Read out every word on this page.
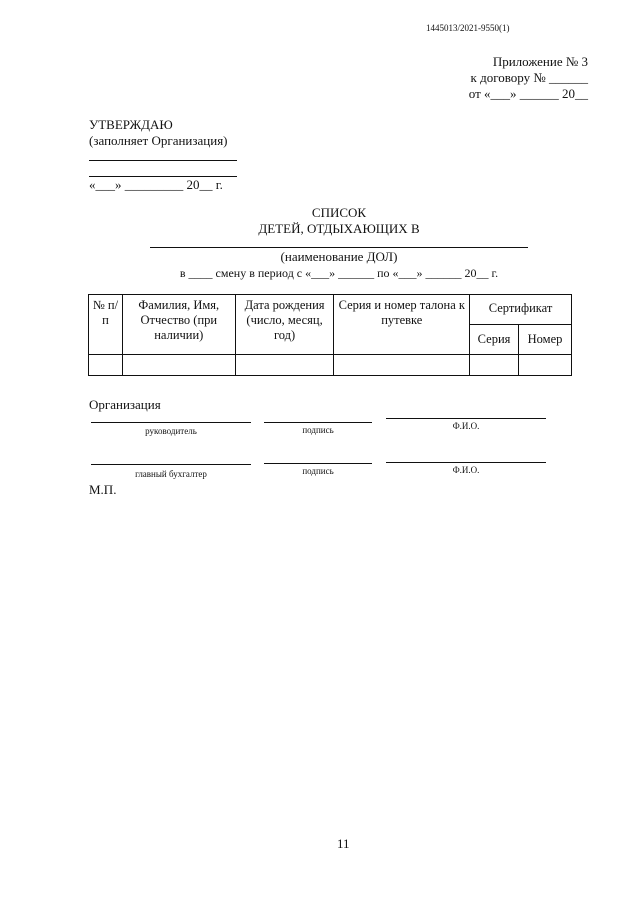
1445013/2021-9550(1)
Приложение № 3
к договору № ______
от «___» ______ 20__
УТВЕРЖДАЮ
(заполняет Организация)
«___» _________ 20__ г.
СПИСОК
ДЕТЕЙ, ОТДЫХАЮЩИХ В
(наименование ДОЛ)
в ____ смену в период с «___» ______ по «___» ______ 20__ г.
№ п/п	Фамилия, Имя, Отчество (при наличии)	Дата рождения (число, месяц, год)	Серия и номер талона к путевке	Сертификат	
				Серия	Номер

Организация
руководитель	подпись	Ф.И.О.
главный бухгалтер	подпись	Ф.И.О.
М.П.
11
